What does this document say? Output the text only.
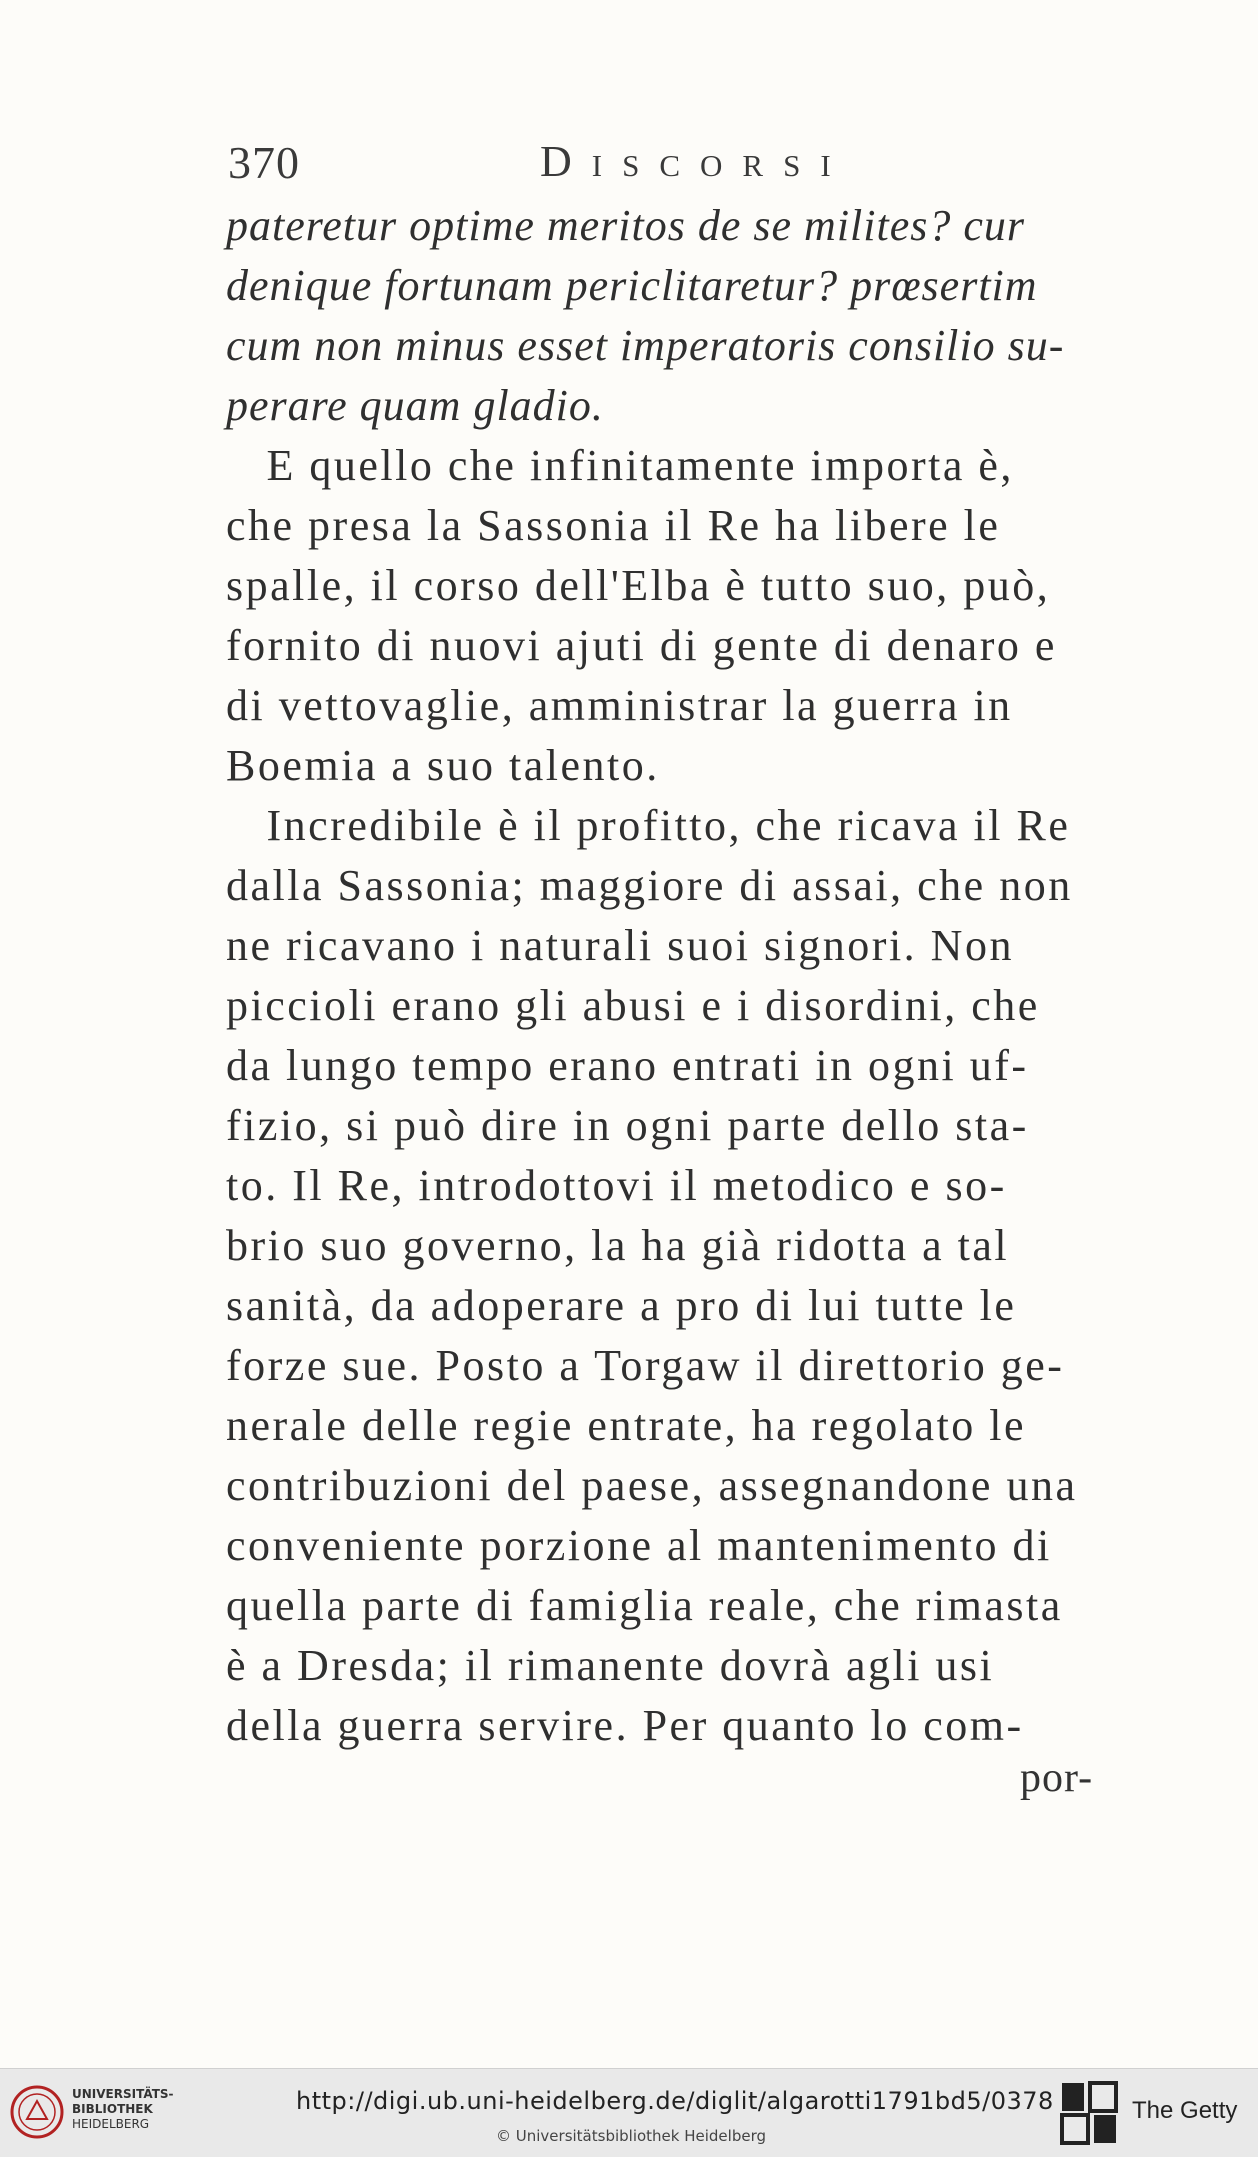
370	Discorsi
pateretur optime meritos de se milites? cur
denique fortunam periclitaretur? prœsertim
cum non minus esset imperatoris consilio su-
perare quam gladio.
E quello che infinitamente importa è,
che presa la Sassonia il Re ha libere le
spalle, il corso dell'Elba è tutto suo, può,
fornito di nuovi ajuti di gente di denaro e
di vettovaglie, amministrar la guerra in
Boemia a suo talento.
Incredibile è il profitto, che ricava il Re
dalla Sassonia; maggiore di assai, che non
ne ricavano i naturali suoi signori. Non
piccioli erano gli abusi e i disordini, che
da lungo tempo erano entrati in ogni uf-
fizio, si può dire in ogni parte dello sta-
to. Il Re, introdottovi il metodico e so-
brio suo governo, la ha già ridotta a tal
sanità, da adoperare a pro di lui tutte le
forze sue. Posto a Torgaw il direttorio ge-
nerale delle regie entrate, ha regolato le
contribuzioni del paese, assegnandone una
conveniente porzione al mantenimento di
quella parte di famiglia reale, che rimasta
è a Dresda; il rimanente dovrà agli usi
della guerra servire. Per quanto lo com-
por-
UNIVERSITÄTS-
BIBLIOTHEK
HEIDELBERG
http://digi.ub.uni-heidelberg.de/diglit/algarotti1791bd5/0378
© Universitätsbibliothek Heidelberg
The Getty
